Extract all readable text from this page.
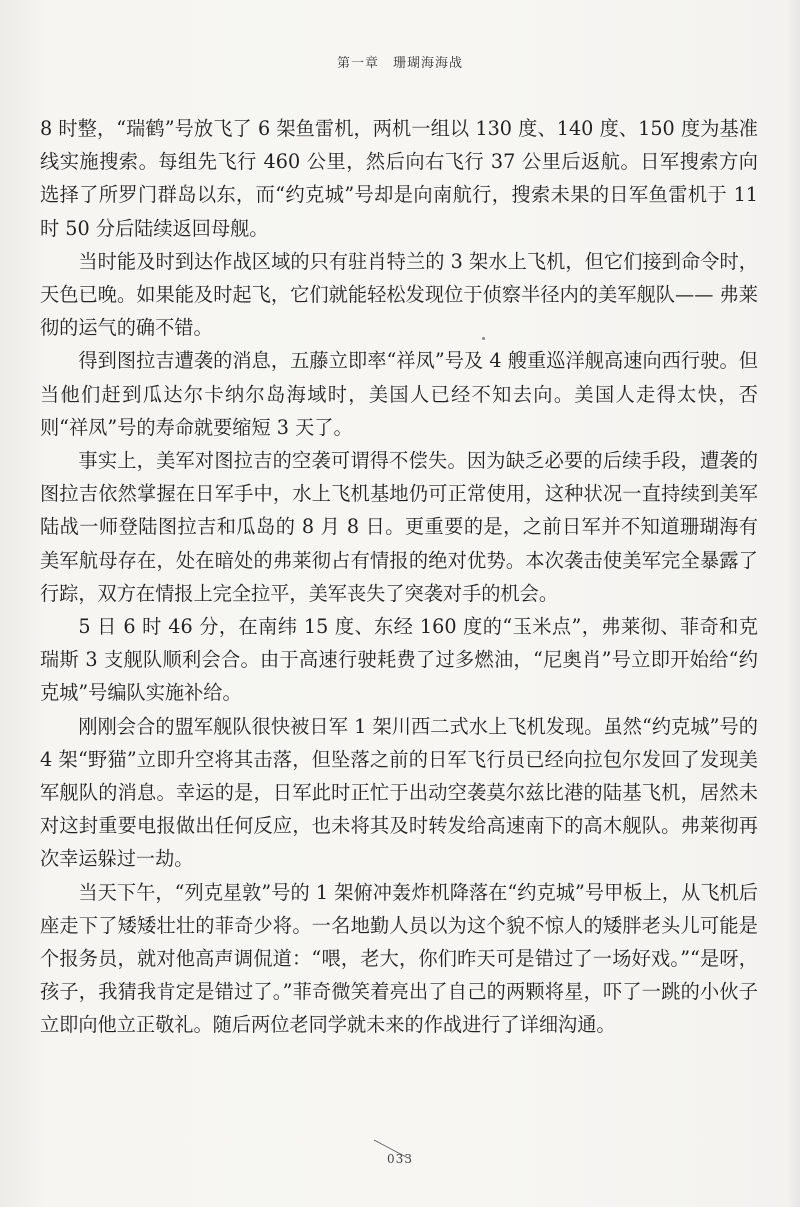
第一章 珊瑚海海战

8 时整，“瑞鹤”号放飞了 6 架鱼雷机，两机一组以 130 度、140 度、150 度为基准线实施搜索。每组先飞行 460 公里，然后向右飞行 37 公里后返航。日军搜索方向选择了所罗门群岛以东，而“约克城”号却是向南航行，搜索未果的日军鱼雷机于 11 时 50 分后陆续返回母舰。

当时能及时到达作战区域的只有驻肖特兰的 3 架水上飞机，但它们接到命令时，天色已晚。如果能及时起飞，它们就能轻松发现位于侦察半径内的美军舰队—— 弗莱彻的运气的确不错。

得到图拉吉遭袭的消息，五藤立即率“祥凤”号及 4 艘重巡洋舰高速向西行驶。但当他们赶到瓜达尔卡纳尔岛海域时，美国人已经不知去向。美国人走得太快，否则“祥凤”号的寿命就要缩短 3 天了。

事实上，美军对图拉吉的空袭可谓得不偿失。因为缺乏必要的后续手段，遭袭的图拉吉依然掌握在日军手中，水上飞机基地仍可正常使用，这种状况一直持续到美军陆战一师登陆图拉吉和瓜岛的 8 月 8 日。更重要的是，之前日军并不知道珊瑚海有美军航母存在，处在暗处的弗莱彻占有情报的绝对优势。本次袭击使美军完全暴露了行踪，双方在情报上完全拉平，美军丧失了突袭对手的机会。

5 日 6 时 46 分，在南纬 15 度、东经 160 度的“玉米点”，弗莱彻、菲奇和克瑞斯 3 支舰队顺利会合。由于高速行驶耗费了过多燃油，“尼奥肖”号立即开始给“约克城”号编队实施补给。

刚刚会合的盟军舰队很快被日军 1 架川西二式水上飞机发现。虽然“约克城”号的 4 架“野猫”立即升空将其击落，但坠落之前的日军飞行员已经向拉包尔发回了发现美军舰队的消息。幸运的是，日军此时正忙于出动空袭莫尔兹比港的陆基飞机，居然未对这封重要电报做出任何反应，也未将其及时转发给高速南下的高木舰队。弗莱彻再次幸运躲过一劫。

当天下午，“列克星敦”号的 1 架俯冲轰炸机降落在“约克城”号甲板上，从飞机后座走下了矮矮壮壮的菲奇少将。一名地勤人员以为这个貌不惊人的矮胖老头儿可能是个报务员，就对他高声调侃道：“喂，老大，你们昨天可是错过了一场好戏。”“是呀，孩子，我猜我肯定是错过了。”菲奇微笑着亮出了自己的两颗将星，吓了一跳的小伙子立即向他立正敬礼。随后两位老同学就未来的作战进行了详细沟通。

033
